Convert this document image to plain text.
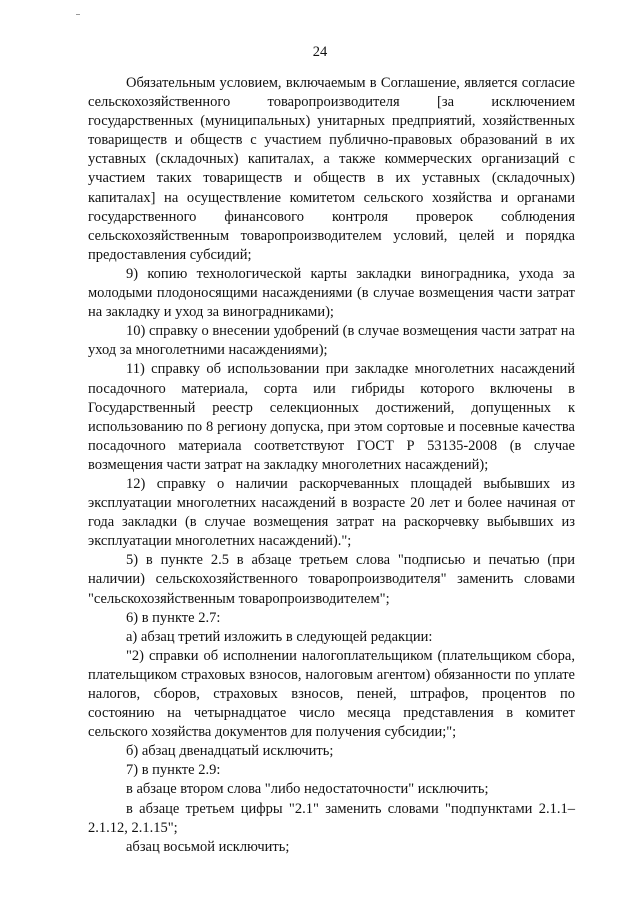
24

Обязательным условием, включаемым в Соглашение, является согласие сельскохозяйственного товаропроизводителя [за исключением государственных (муниципальных) унитарных предприятий, хозяйственных товариществ и обществ с участием публично-правовых образований в их уставных (складочных) капиталах, а также коммерческих организаций с участием таких товариществ и обществ в их уставных (складочных) капиталах] на осуществление комитетом сельского хозяйства и органами государственного финансового контроля проверок соблюдения сельскохозяйственным товаропроизводителем условий, целей и порядка предоставления субсидий;

9) копию технологической карты закладки виноградника, ухода за молодыми плодоносящими насаждениями (в случае возмещения части затрат на закладку и уход за виноградниками);

10) справку о внесении удобрений (в случае возмещения части затрат на уход за многолетними насаждениями);

11) справку об использовании при закладке многолетних насаждений посадочного материала, сорта или гибриды которого включены в Государственный реестр селекционных достижений, допущенных к использованию по 8 региону допуска, при этом сортовые и посевные качества посадочного материала соответствуют ГОСТ Р 53135-2008 (в случае возмещения части затрат на закладку многолетних насаждений);

12) справку о наличии раскорчеванных площадей выбывших из эксплуатации многолетних насаждений в возрасте 20 лет и более начиная от года закладки (в случае возмещения затрат на раскорчевку выбывших из эксплуатации многолетних насаждений).";

5) в пункте 2.5 в абзаце третьем слова "подписью и печатью (при наличии) сельскохозяйственного товаропроизводителя" заменить словами "сельскохозяйственным товаропроизводителем";

6) в пункте 2.7:

а) абзац третий изложить в следующей редакции:

"2) справки об исполнении налогоплательщиком (плательщиком сбора, плательщиком страховых взносов, налоговым агентом) обязанности по уплате налогов, сборов, страховых взносов, пеней, штрафов, процентов по состоянию на четырнадцатое число месяца представления в комитет сельского хозяйства документов для получения субсидии;";

б) абзац двенадцатый исключить;

7) в пункте 2.9:

в абзаце втором слова "либо недостаточности" исключить;

в абзаце третьем цифры "2.1" заменить словами "подпунктами 2.1.1–2.1.12, 2.1.15";

абзац восьмой исключить;
